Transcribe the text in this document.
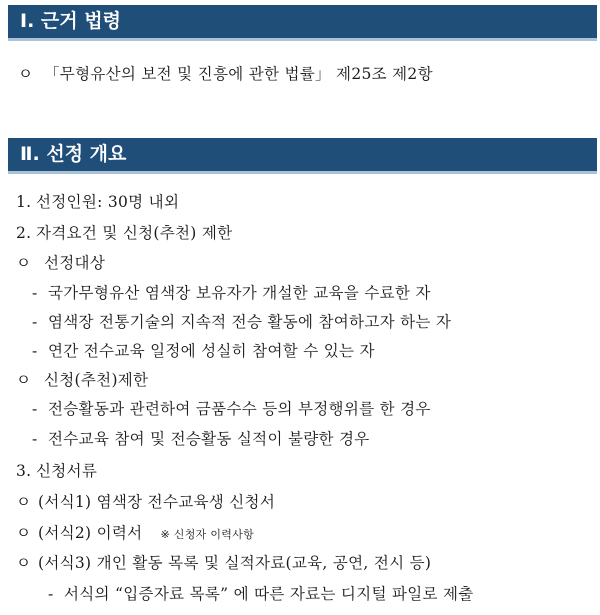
Ⅰ. 근거 법령
ㅇ 「무형유산의 보전 및 진흥에 관한 법률」 제25조 제2항
Ⅱ. 선정 개요
1. 선정인원: 30명 내외
2. 자격요건 및 신청(추천) 제한
ㅇ 선정대상
- 국가무형유산 염색장 보유자가 개설한 교육을 수료한 자
- 염색장 전통기술의 지속적 전승 활동에 참여하고자 하는 자
- 연간 전수교육 일정에 성실히 참여할 수 있는 자
ㅇ 신청(추천)제한
- 전승활동과 관련하여 금품수수 등의 부정행위를 한 경우
- 전수교육 참여 및 전승활동 실적이 불량한 경우
3. 신청서류
ㅇ (서식1) 염색장 전수교육생 신청서
ㅇ (서식2) 이력서 ※ 신청자 이력사항
ㅇ (서식3) 개인 활동 목록 및 실적자료(교육, 공연, 전시 등)
- 서식의 “입증자료 목록” 에 따른 자료는 디지털 파일로 제출
